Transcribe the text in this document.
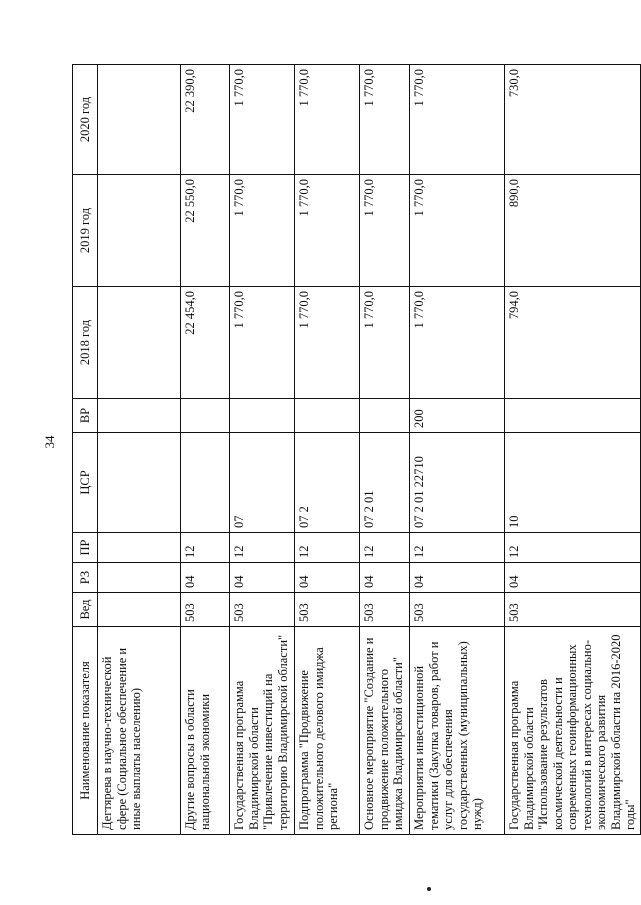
34
Наименование показателя	Вед	РЗ	ПР	ЦСР	ВР	2018 год	2019 год	2020 год
Дегтярева в научно-технической сфере (Социальное обеспечение и иные выплаты населению)								
Другие вопросы в области национальной экономики	503	04	12			22 454,0	22 550,0	22 390,0
Государственная программа Владимирской области "Привлечение инвестиций на территорию Владимирской области"	503	04	12	07		1 770,0	1 770,0	1 770,0
Подпрограмма "Продвижение положительного делового имиджа региона"	503	04	12	07 2		1 770,0	1 770,0	1 770,0
Основное мероприятие "Создание и продвижение положительного имиджа Владимирской области"	503	04	12	07 2 01		1 770,0	1 770,0	1 770,0
Мероприятия инвестиционной тематики (Закупка товаров, работ и услуг для обеспечения государственных (муниципальных) нужд)	503	04	12	07 2 01 22710	200	1 770,0	1 770,0	1 770,0
Государственная программа Владимирской области "Использование результатов космической деятельности и современных геоинформационных технологий в интересах социально-экономического развития Владимирской области на 2016-2020 годы"	503	04	12	10		794,0	890,0	730,0
